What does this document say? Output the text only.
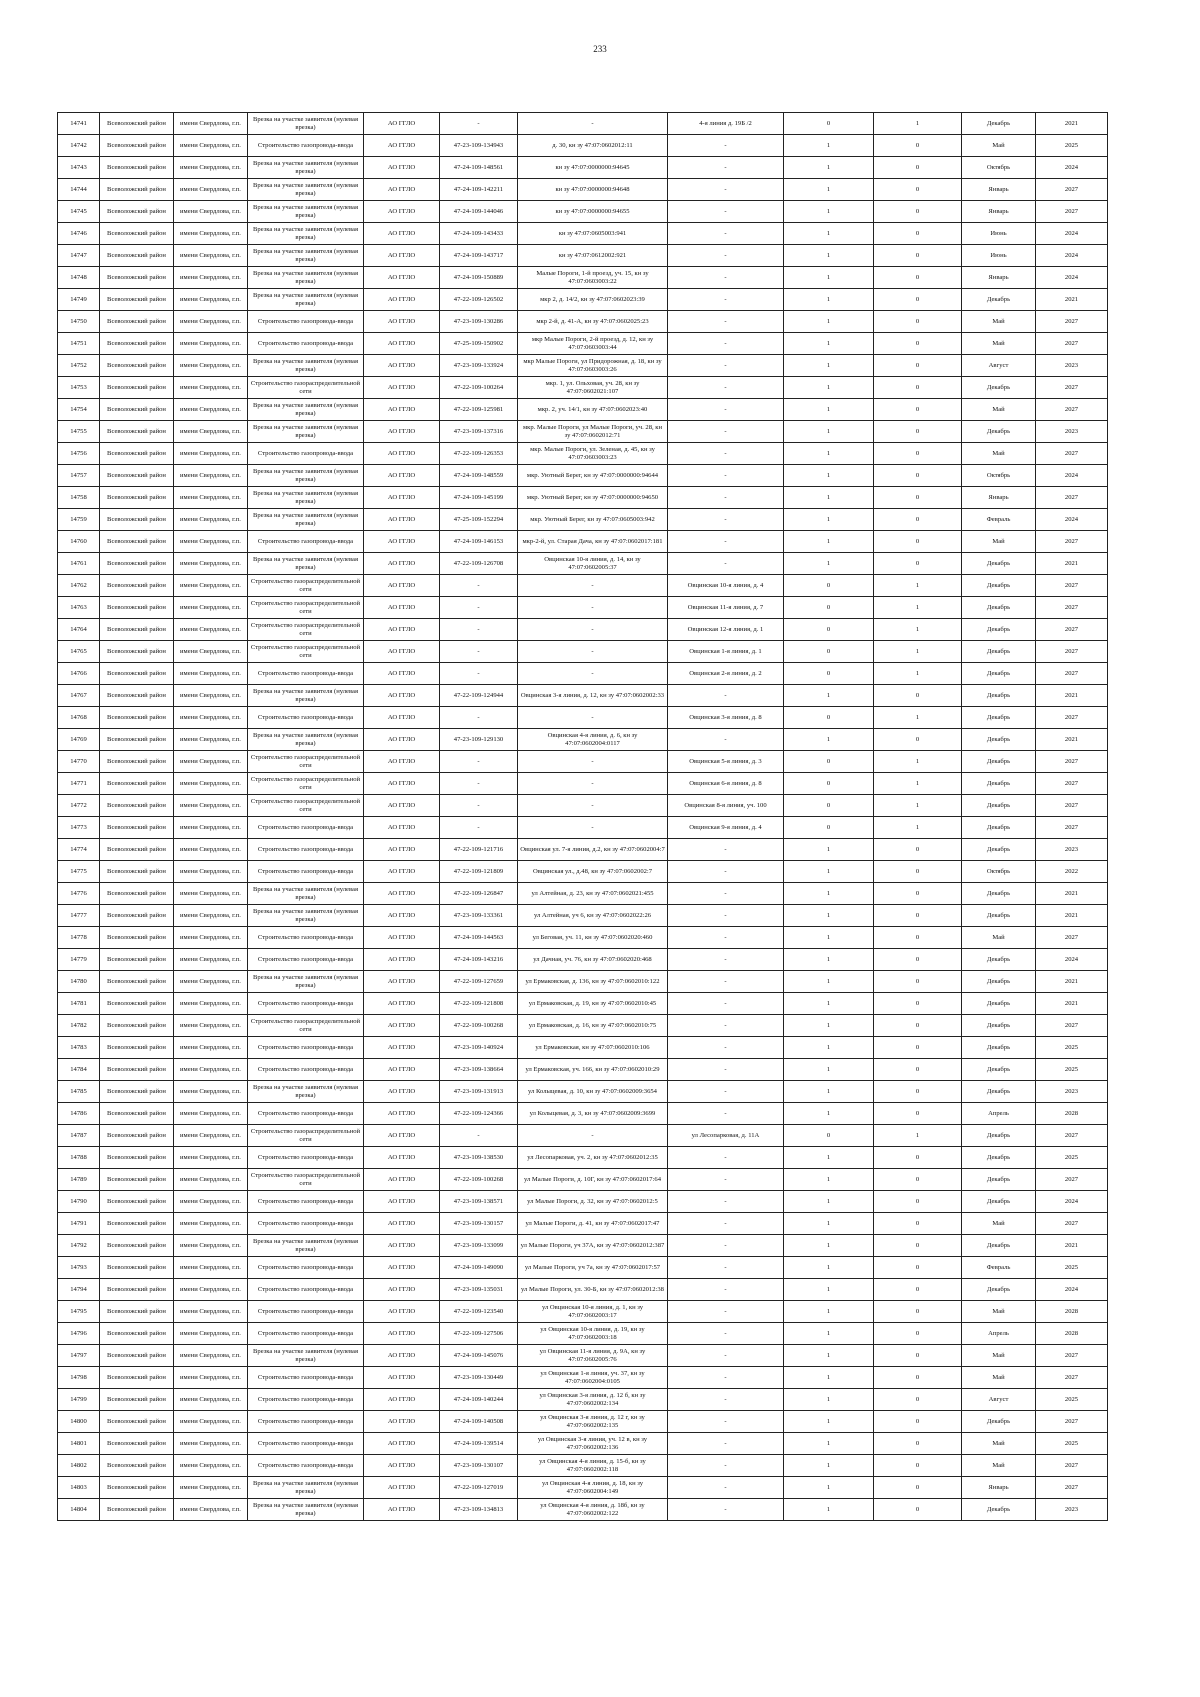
233
14741	Всеволожский район	имени Свердлова, г.п.	Врезка на участке заявителя (нулевая врезка)	АО ГГЛО	-	-	4-я линия д. 19Б /2	0	1	Декабрь	2021
14742	Всеволожский район	имени Свердлова, г.п.	Строительство газопровода-ввода	АО ГГЛО	47-23-109-134943	д. 30, кн зу 47:07:0602012:11	-	1	0	Май	2025
14743	Всеволожский район	имени Свердлова, г.п.	Врезка на участке заявителя (нулевая врезка)	АО ГГЛО	47-24-109-148561	кн зу 47:07:0000000:94645	-	1	0	Октябрь	2024
14744	Всеволожский район	имени Свердлова, г.п.	Врезка на участке заявителя (нулевая врезка)	АО ГГЛО	47-24-109-142211	кн зу 47:07:0000000:94648	-	1	0	Январь	2027
14745	Всеволожский район	имени Свердлова, г.п.	Врезка на участке заявителя (нулевая врезка)	АО ГГЛО	47-24-109-144046	кн зу 47:07:0000000:94655	-	1	0	Январь	2027
14746	Всеволожский район	имени Свердлова, г.п.	Врезка на участке заявителя (нулевая врезка)	АО ГГЛО	47-24-109-143433	кн зу 47:07:0605003:941	-	1	0	Июнь	2024
14747	Всеволожский район	имени Свердлова, г.п.	Врезка на участке заявителя (нулевая врезка)	АО ГГЛО	47-24-109-143717	кн зу 47:07:0612002:921	-	1	0	Июнь	2024
14748	Всеволожский район	имени Свердлова, г.п.	Врезка на участке заявителя (нулевая врезка)	АО ГГЛО	47-24-109-150889	Малые Пороги, 1-й проезд, уч. 15, кн зу 47:07:0603003:22	-	1	0	Январь	2024
14749	Всеволожский район	имени Свердлова, г.п.	Врезка на участке заявителя (нулевая врезка)	АО ГГЛО	47-22-109-126502	мкр 2, д. 14/2, кн зу 47:07:0602023:39	-	1	0	Декабрь	2021
14750	Всеволожский район	имени Свердлова, г.п.	Строительство газопровода-ввода	АО ГГЛО	47-23-109-130286	мкр 2-й, д. 41-А, кн зу 47:07:0602025:23	-	1	0	Май	2027
14751	Всеволожский район	имени Свердлова, г.п.	Строительство газопровода-ввода	АО ГГЛО	47-25-109-150902	мкр Малые Пороги, 2-й проезд, д. 12, кн зу 47:07:0603003:44	-	1	0	Май	2027
14752	Всеволожский район	имени Свердлова, г.п.	Врезка на участке заявителя (нулевая врезка)	АО ГГЛО	47-23-109-133924	мкр Малые Пороги, ул Придорожная, д. 18, кн зу 47:07:0603003:26	-	1	0	Август	2023
14753	Всеволожский район	имени Свердлова, г.п.	Строительство газораспределительной сети	АО ГГЛО	47-22-109-100264	мкр. 1, ул. Ольховая, уч. 28, кн зу 47:07:0602021:107	-	1	0	Декабрь	2027
14754	Всеволожский район	имени Свердлова, г.п.	Врезка на участке заявителя (нулевая врезка)	АО ГГЛО	47-22-109-125981	мкр. 2, уч. 14/1, кн зу 47:07:0602023:40	-	1	0	Май	2027
14755	Всеволожский район	имени Свердлова, г.п.	Врезка на участке заявителя (нулевая врезка)	АО ГГЛО	47-23-109-137316	мкр. Малые Пороги, ул Малые Пороги, уч. 28, кн зу 47:07:0602012:71	-	1	0	Декабрь	2023
14756	Всеволожский район	имени Свердлова, г.п.	Строительство газопровода-ввода	АО ГГЛО	47-22-109-126353	мкр. Малые Пороги, ул. Зеленая, д. 45, кн зу 47:07:0603003:23	-	1	0	Май	2027
14757	Всеволожский район	имени Свердлова, г.п.	Врезка на участке заявителя (нулевая врезка)	АО ГГЛО	47-24-109-148559	мкр. Уютный Берег, кн зу 47:07:0000000:94644	-	1	0	Октябрь	2024
14758	Всеволожский район	имени Свердлова, г.п.	Врезка на участке заявителя (нулевая врезка)	АО ГГЛО	47-24-109-145199	мкр. Уютный Берег, кн зу 47:07:0000000:94650	-	1	0	Январь	2027
14759	Всеволожский район	имени Свердлова, г.п.	Врезка на участке заявителя (нулевая врезка)	АО ГГЛО	47-25-109-152294	мкр. Уютный Берег, кн зу 47:07:0605003:942	-	1	0	Февраль	2024
14760	Всеволожский район	имени Свердлова, г.п.	Строительство газопровода-ввода	АО ГГЛО	47-24-109-146153	мкр-2-й, ул. Старая Дача, кн зу 47:07:0602017:181	-	1	0	Май	2027
14761	Всеволожский район	имени Свердлова, г.п.	Врезка на участке заявителя (нулевая врезка)	АО ГГЛО	47-22-109-126708	Овцинская 10-я линия, д. 14, кн зу 47:07:0602005:37	-	1	0	Декабрь	2021
14762	Всеволожский район	имени Свердлова, г.п.	Строительство газораспределительной сети	АО ГГЛО	-	-	Овцинская 10-я линия, д. 4	0	1	Декабрь	2027
14763	Всеволожский район	имени Свердлова, г.п.	Строительство газораспределительной сети	АО ГГЛО	-	-	Овцинская 11-я линия, д. 7	0	1	Декабрь	2027
14764	Всеволожский район	имени Свердлова, г.п.	Строительство газораспределительной сети	АО ГГЛО	-	-	Овцинская 12-я линия, д. 1	0	1	Декабрь	2027
14765	Всеволожский район	имени Свердлова, г.п.	Строительство газораспределительной сети	АО ГГЛО	-	-	Овцинская 1-я линия, д. 1	0	1	Декабрь	2027
14766	Всеволожский район	имени Свердлова, г.п.	Строительство газопровода-ввода	АО ГГЛО	-	-	Овцинская 2-я линия, д. 2	0	1	Декабрь	2027
14767	Всеволожский район	имени Свердлова, г.п.	Врезка на участке заявителя (нулевая врезка)	АО ГГЛО	47-22-109-124944	Овцинская 3-я линия, д. 12, кн зу 47:07:0602002:33	-	1	0	Декабрь	2021
14768	Всеволожский район	имени Свердлова, г.п.	Строительство газопровода-ввода	АО ГГЛО	-	-	Овцинская 3-я линия, д. 8	0	1	Декабрь	2027
14769	Всеволожский район	имени Свердлова, г.п.	Врезка на участке заявителя (нулевая врезка)	АО ГГЛО	47-23-109-129130	Овцинская 4-я линия, д. 6, кн зу 47:07:0602004:0117	-	1	0	Декабрь	2021
14770	Всеволожский район	имени Свердлова, г.п.	Строительство газораспределительной сети	АО ГГЛО	-	-	Овцинская 5-я линия, д. 3	0	1	Декабрь	2027
14771	Всеволожский район	имени Свердлова, г.п.	Строительство газораспределительной сети	АО ГГЛО	-	-	Овцинская 6-я линия, д. 8	0	1	Декабрь	2027
14772	Всеволожский район	имени Свердлова, г.п.	Строительство газораспределительной сети	АО ГГЛО	-	-	Овцинская 8-я линия, уч. 100	0	1	Декабрь	2027
14773	Всеволожский район	имени Свердлова, г.п.	Строительство газопровода-ввода	АО ГГЛО	-	-	Овцинская 9-я линия, д. 4	0	1	Декабрь	2027
14774	Всеволожский район	имени Свердлова, г.п.	Строительство газопровода-ввода	АО ГГЛО	47-22-109-121716	Овцинская ул. 7-я линия, д.2, кн зу 47:07:0602004:7	-	1	0	Декабрь	2023
14775	Всеволожский район	имени Свердлова, г.п.	Строительство газопровода-ввода	АО ГГЛО	47-22-109-121809	Овцинская ул., д.48, кн зу 47:07:0602002:7	-	1	0	Октябрь	2022
14776	Всеволожский район	имени Свердлова, г.п.	Врезка на участке заявителя (нулевая врезка)	АО ГГЛО	47-22-109-126847	ул Алтейная, д. 23, кн зу 47:07:0602021:455	-	1	0	Декабрь	2021
14777	Всеволожский район	имени Свердлова, г.п.	Врезка на участке заявителя (нулевая врезка)	АО ГГЛО	47-23-109-133361	ул Алтейная, уч 6, кн зу 47:07:0602022:26	-	1	0	Декабрь	2021
14778	Всеволожский район	имени Свердлова, г.п.	Строительство газопровода-ввода	АО ГГЛО	47-24-109-144563	ул Беговая, уч. 11, кн зу 47:07:0602020:460	-	1	0	Май	2027
14779	Всеволожский район	имени Свердлова, г.п.	Строительство газопровода-ввода	АО ГГЛО	47-24-109-143216	ул Дачная, уч. 76, кн зу 47:07:0602020:468	-	1	0	Декабрь	2024
14780	Всеволожский район	имени Свердлова, г.п.	Врезка на участке заявителя (нулевая врезка)	АО ГГЛО	47-22-109-127659	ул Ермаковская, д. 136, кн зу 47:07:0602010:122	-	1	0	Декабрь	2021
14781	Всеволожский район	имени Свердлова, г.п.	Строительство газопровода-ввода	АО ГГЛО	47-22-109-121808	ул Ермаковская, д. 19, кн зу 47:07:0602010:45	-	1	0	Декабрь	2021
14782	Всеволожский район	имени Свердлова, г.п.	Строительство газораспределительной сети	АО ГГЛО	47-22-109-100268	ул Ермаковская, д. 16, кн зу 47:07:0602010:75	-	1	0	Декабрь	2027
14783	Всеволожский район	имени Свердлова, г.п.	Строительство газопровода-ввода	АО ГГЛО	47-23-109-140924	ул Ермаковская, кн зу 47:07:0602010:106	-	1	0	Декабрь	2025
14784	Всеволожский район	имени Свердлова, г.п.	Строительство газопровода-ввода	АО ГГЛО	47-23-109-138664	ул Ермаковская, уч. 166, кн зу 47:07:0602010:29	-	1	0	Декабрь	2025
14785	Всеволожский район	имени Свердлова, г.п.	Врезка на участке заявителя (нулевая врезка)	АО ГГЛО	47-23-109-131913	ул Колыцевая, д. 10, кн зу 47:07:0602009:3654	-	1	0	Декабрь	2023
14786	Всеволожский район	имени Свердлова, г.п.	Строительство газопровода-ввода	АО ГГЛО	47-22-109-124366	ул Колыцевая, д. 3, кн зу 47:07:0602009:3699	-	1	0	Апрель	2028
14787	Всеволожский район	имени Свердлова, г.п.	Строительство газораспределительной сети	АО ГГЛО	-	-	ул Лесопарковая, д. 11А	0	1	Декабрь	2027
14788	Всеволожский район	имени Свердлова, г.п.	Строительство газопровода-ввода	АО ГГЛО	47-23-109-138530	ул Лесопарковая, уч. 2, кн зу 47:07:0602012:35	-	1	0	Декабрь	2025
14789	Всеволожский район	имени Свердлова, г.п.	Строительство газораспределительной сети	АО ГГЛО	47-22-109-100268	ул Малые Пороги, д. 10Г, кн зу 47:07:0602017:64	-	1	0	Декабрь	2027
14790	Всеволожский район	имени Свердлова, г.п.	Строительство газопровода-ввода	АО ГГЛО	47-23-109-138571	ул Малые Пороги, д. 32, кн зу 47:07:0602012:5	-	1	0	Декабрь	2024
14791	Всеволожский район	имени Свердлова, г.п.	Строительство газопровода-ввода	АО ГГЛО	47-23-109-130157	ул Малые Пороги, д. 41, кн зу 47:07:0602017:47	-	1	0	Май	2027
14792	Всеволожский район	имени Свердлова, г.п.	Врезка на участке заявителя (нулевая врезка)	АО ГГЛО	47-23-109-133099	ул Малые Пороги, уч 37А, кн зу 47:07:0602012:387	-	1	0	Декабрь	2021
14793	Всеволожский район	имени Свердлова, г.п.	Строительство газопровода-ввода	АО ГГЛО	47-24-109-149090	ул Малые Пороги, уч 7а, кн зу 47:07:0602017:57	-	1	0	Февраль	2025
14794	Всеволожский район	имени Свердлова, г.п.	Строительство газопровода-ввода	АО ГГЛО	47-23-109-135031	ул Малые Пороги, ул. 30-Б, кн зу 47:07:0602012:38	-	1	0	Декабрь	2024
14795	Всеволожский район	имени Свердлова, г.п.	Строительство газопровода-ввода	АО ГГЛО	47-22-109-123540	ул Овцинская 10-я линия, д. 1, кн зу 47:07:0602003:17	-	1	0	Май	2028
14796	Всеволожский район	имени Свердлова, г.п.	Строительство газопровода-ввода	АО ГГЛО	47-22-109-127506	ул Овцинская 10-я линия, д. 19, кн зу 47:07:0602003:18	-	1	0	Апрель	2028
14797	Всеволожский район	имени Свердлова, г.п.	Врезка на участке заявителя (нулевая врезка)	АО ГГЛО	47-24-109-145076	ул Овцинская 11-я линия, д. 9А, кн зу 47:07:0602005:76	-	1	0	Май	2027
14798	Всеволожский район	имени Свердлова, г.п.	Строительство газопровода-ввода	АО ГГЛО	47-23-109-130449	ул Овцинская 1-я линия, уч. 37, кн зу 47:07:0602004:0105	-	1	0	Май	2027
14799	Всеволожский район	имени Свердлова, г.п.	Строительство газопровода-ввода	АО ГГЛО	47-24-109-140244	ул Овцинская 3-я линия, д. 12 б, кн зу 47:07:0602002:134	-	1	0	Август	2025
14800	Всеволожский район	имени Свердлова, г.п.	Строительство газопровода-ввода	АО ГГЛО	47-24-109-140508	ул Овцинская 3-я линия, д. 12 г, кн зу 47:07:0602002:135	-	1	0	Декабрь	2027
14801	Всеволожский район	имени Свердлова, г.п.	Строительство газопровода-ввода	АО ГГЛО	47-24-109-139514	ул Овцинская 3-я линия, уч. 12 в, кн зу 47:07:0602002:136	-	1	0	Май	2025
14802	Всеволожский район	имени Свердлова, г.п.	Строительство газопровода-ввода	АО ГГЛО	47-23-109-130107	ул Овцинская 4-я линия, д. 15-б, кн зу 47:07:0602002:118	-	1	0	Май	2027
14803	Всеволожский район	имени Свердлова, г.п.	Врезка на участке заявителя (нулевая врезка)	АО ГГЛО	47-22-109-127019	ул Овцинская 4-я линия, д. 18, кн зу 47:07:0602004:149	-	1	0	Январь	2027
14804	Всеволожский район	имени Свердлова, г.п.	Врезка на участке заявителя (нулевая врезка)	АО ГГЛО	47-23-109-134813	ул Овцинская 4-я линия, д. 18б, кн зу 47:07:0602002:122	-	1	0	Декабрь	2023
